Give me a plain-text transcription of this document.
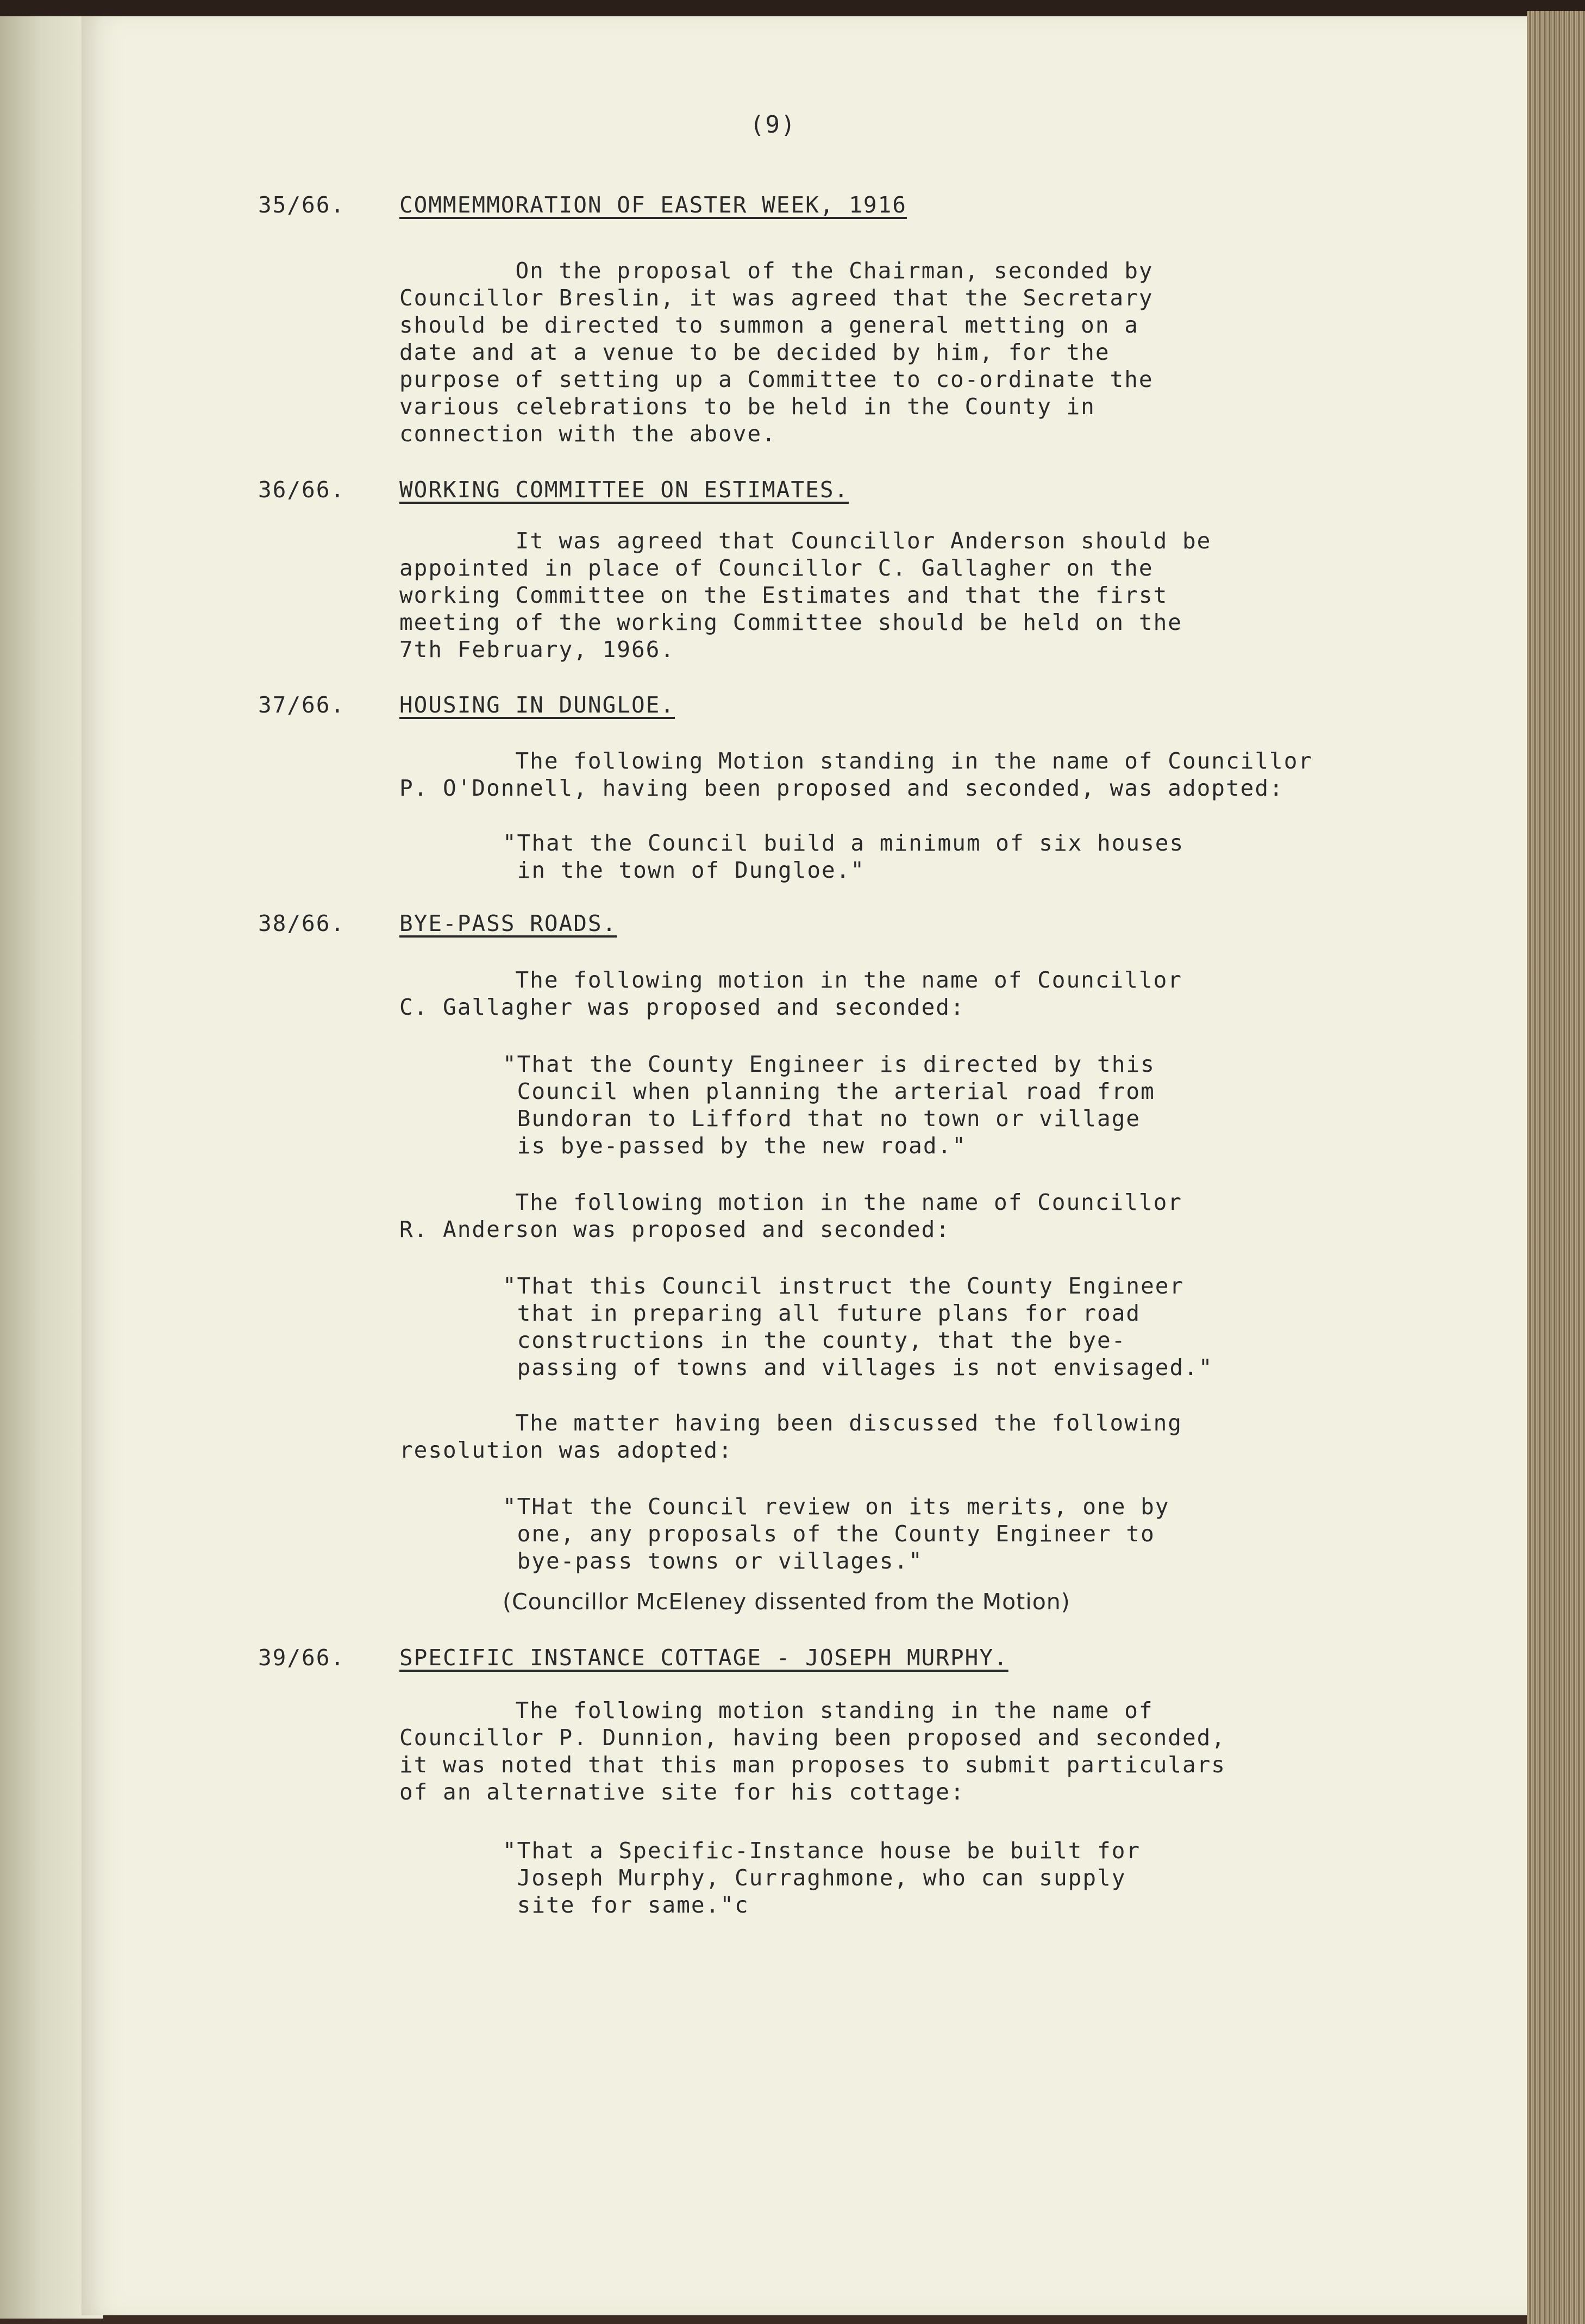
(9)

35/66. COMMEMMORATION OF EASTER WEEK, 1916

On the proposal of the Chairman, seconded by

Councillor Breslin, it was agreed that the Secretary

should be directed to summon a general metting on a

date and at a venue to be decided by him, for the

purpose of setting up a Committee to co-ordinate the

various celebrations to be held in the County in

connection with the above.

36/66. WORKING COMMITTEE ON ESTIMATES.

It was agreed that Councillor Anderson should be

appointed in place of Councillor C. Gallagher on the

working Committee on the Estimates and that the first

meeting of the working Committee should be held on the

7th February, 1966.

37/66. HOUSING IN DUNGLOE.

The following Motion standing in the name of Councillor

P. O'Donnell, having been proposed and seconded, was adopted:

"That the Council build a minimum of six houses

in the town of Dungloe."

38/66. BYE-PASS ROADS.

The following motion in the name of Councillor

C. Gallagher was proposed and seconded:

"That the County Engineer is directed by this

Council when planning the arterial road from

Bundoran to Lifford that no town or village

is bye-passed by the new road."

The following motion in the name of Councillor

R. Anderson was proposed and seconded:

"That this Council instruct the County Engineer

that in preparing all future plans for road

constructions in the county, that the bye-

passing of towns and villages is not envisaged."

The matter having been discussed the following

resolution was adopted:

"THat the Council review on its merits, one by

one, any proposals of the County Engineer to

bye-pass towns or villages."

(Councillor McEleney dissented from the Motion)

39/66. SPECIFIC INSTANCE COTTAGE - JOSEPH MURPHY.

The following motion standing in the name of

Councillor P. Dunnion, having been proposed and seconded,

it was noted that this man proposes to submit particulars

of an alternative site for his cottage:

"That a Specific-Instance house be built for

Joseph Murphy, Curraghmone, who can supply

site for same."c
